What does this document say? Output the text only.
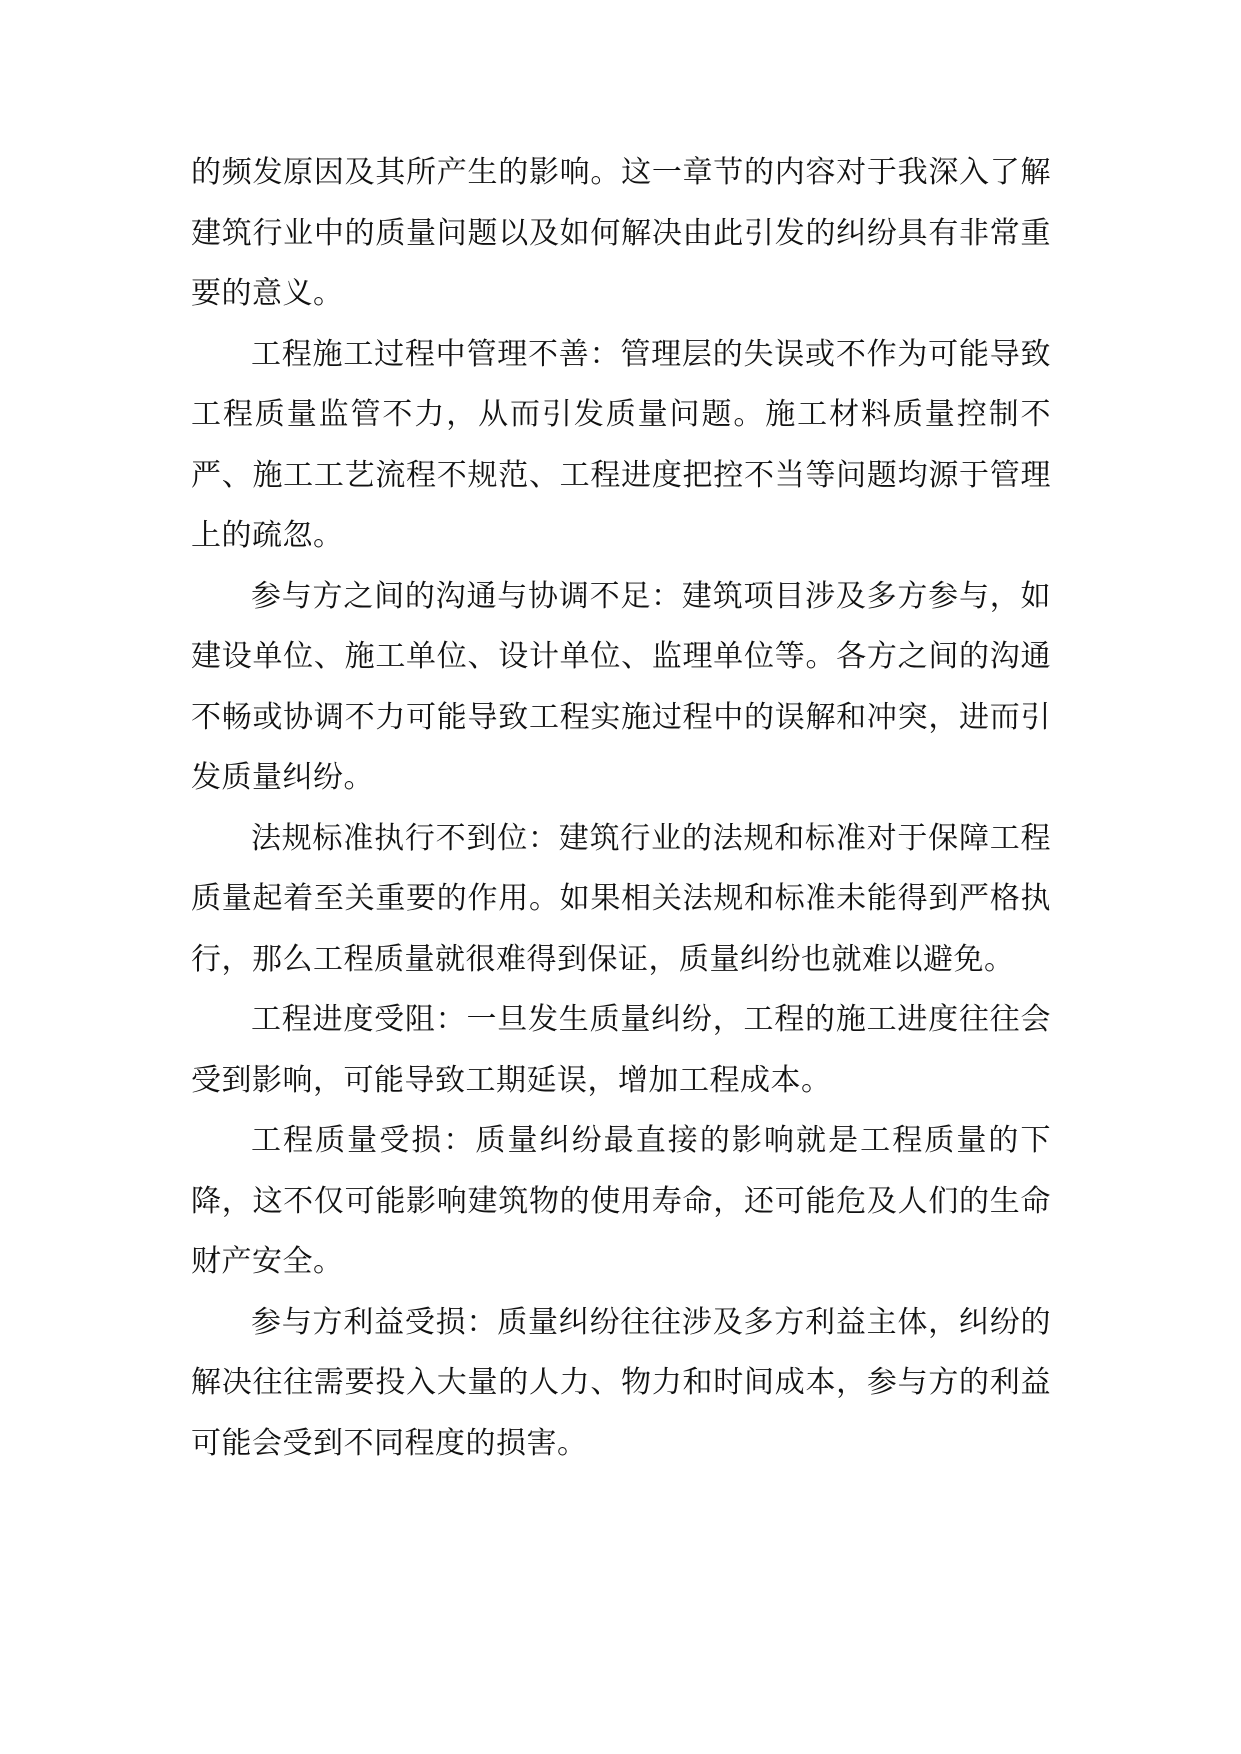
的频发原因及其所产生的影响。这一章节的内容对于我深入了解建筑行业中的质量问题以及如何解决由此引发的纠纷具有非常重要的意义。

工程施工过程中管理不善：管理层的失误或不作为可能导致工程质量监管不力，从而引发质量问题。施工材料质量控制不严、施工工艺流程不规范、工程进度把控不当等问题均源于管理上的疏忽。

参与方之间的沟通与协调不足：建筑项目涉及多方参与，如建设单位、施工单位、设计单位、监理单位等。各方之间的沟通不畅或协调不力可能导致工程实施过程中的误解和冲突，进而引发质量纠纷。

法规标准执行不到位：建筑行业的法规和标准对于保障工程质量起着至关重要的作用。如果相关法规和标准未能得到严格执行，那么工程质量就很难得到保证，质量纠纷也就难以避免。

工程进度受阻：一旦发生质量纠纷，工程的施工进度往往会受到影响，可能导致工期延误，增加工程成本。

工程质量受损：质量纠纷最直接的影响就是工程质量的下降，这不仅可能影响建筑物的使用寿命，还可能危及人们的生命财产安全。

参与方利益受损：质量纠纷往往涉及多方利益主体，纠纷的解决往往需要投入大量的人力、物力和时间成本，参与方的利益可能会受到不同程度的损害。
